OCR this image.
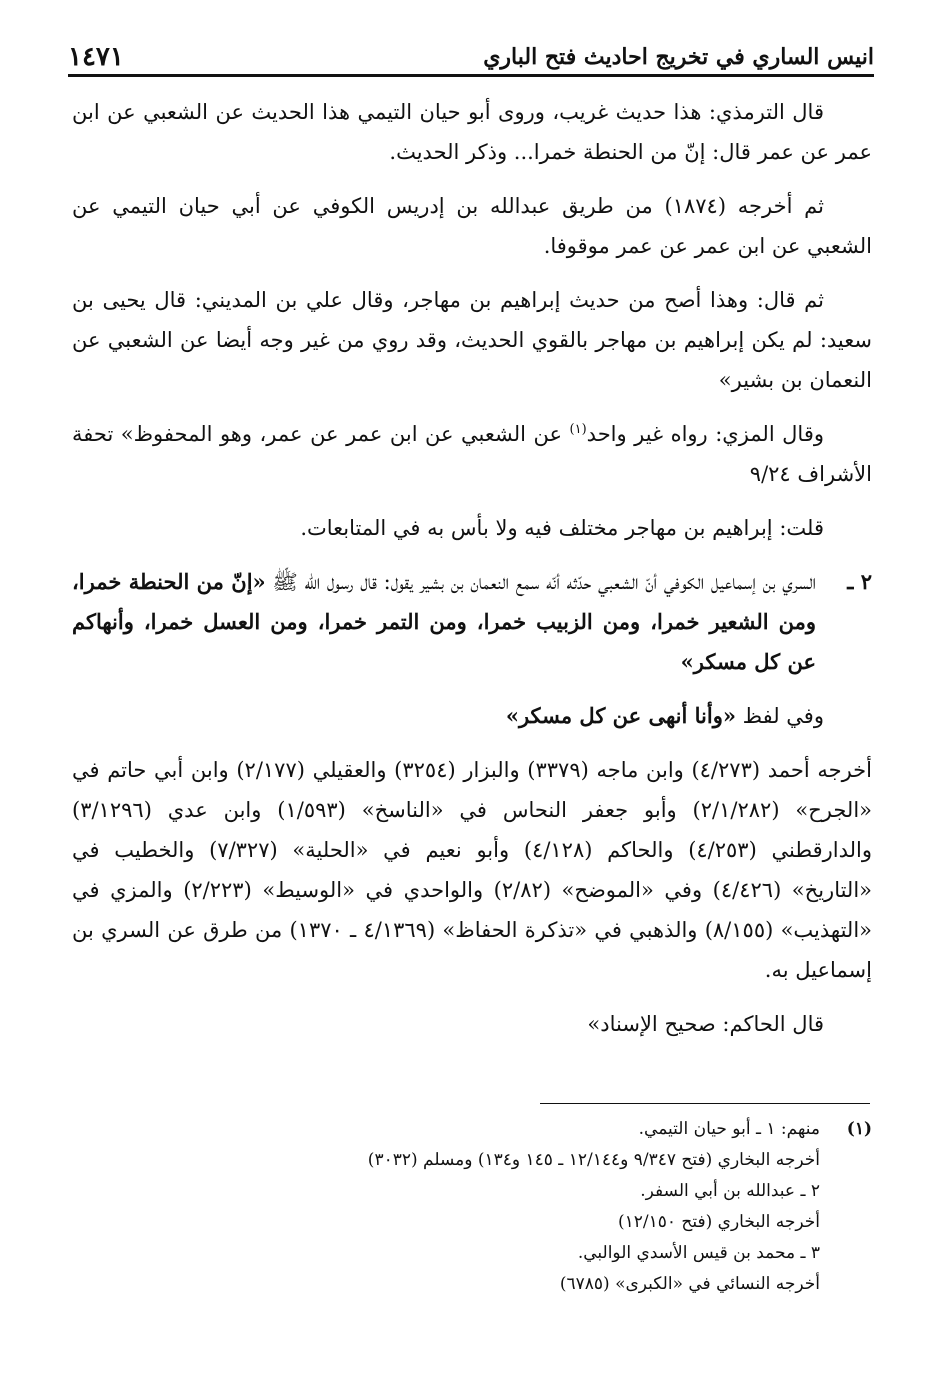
١٤٧١	انيس الساري في تخريج احاديث فتح الباري

قال الترمذي: هذا حديث غريب، وروى أبو حيان التيمي هذا الحديث عن الشعبي عن ابن عمر عن عمر قال: إنّ من الحنطة خمرا... وذكر الحديث.

ثم أخرجه (١٨٧٤) من طريق عبدالله بن إدريس الكوفي عن أبي حيان التيمي عن الشعبي عن ابن عمر عن عمر موقوفا.

ثم قال: وهذا أصح من حديث إبراهيم بن مهاجر، وقال علي بن المديني: قال يحيى بن سعيد: لم يكن إبراهيم بن مهاجر بالقوي الحديث، وقد روي من غير وجه أيضا عن الشعبي عن النعمان بن بشير»

وقال المزي: رواه غير واحد$^{(١)}$ عن الشعبي عن ابن عمر عن عمر، وهو المحفوظ» تحفة الأشراف ٩/٢٤

قلت: إبراهيم بن مهاجر مختلف فيه ولا بأس به في المتابعات.

٢ ـ
السري بن إسماعيل الكوفي أنّ الشعبي حدّثه أنّه سمع النعمان بن بشير يقول: قال رسول الله ﷺ «إنّ من الحنطة خمرا، ومن الشعير خمرا، ومن الزبيب خمرا، ومن التمر خمرا، ومن العسل خمرا، وأنهاكم عن كل مسكر»

وفي لفظ «وأنا أنهى عن كل مسكر»

أخرجه أحمد (٤/٢٧٣) وابن ماجه (٣٣٧٩) والبزار (٣٢٥٤) والعقيلي (٢/١٧٧) وابن أبي حاتم في «الجرح» (٢/١/٢٨٢) وأبو جعفر النحاس في «الناسخ» (١/٥٩٣) وابن عدي (٣/١٢٩٦) والدارقطني (٤/٢٥٣) والحاكم (٤/١٢٨) وأبو نعيم في «الحلية» (٧/٣٢٧) والخطيب في «التاريخ» (٤/٤٢٦) وفي «الموضح» (٢/٨٢) والواحدي في «الوسيط» (٢/٢٢٣) والمزي في «التهذيب» (٨/١٥٥) والذهبي في «تذكرة الحفاظ» (٤/١٣٦٩ ـ ١٣٧٠) من طرق عن السري بن إسماعيل به.

قال الحاكم: صحيح الإسناد»

(١)
منهم: ١ ـ أبو حيان التيمي.
أخرجه البخاري (فتح ٩/٣٤٧ و١٢/١٤٤ ـ ١٤٥ و١٣٤) ومسلم (٣٠٣٢)
٢ ـ عبدالله بن أبي السفر.
أخرجه البخاري (فتح ١٢/١٥٠)
٣ ـ محمد بن قيس الأسدي الوالبي.
أخرجه النسائي في «الكبرى» (٦٧٨٥)
